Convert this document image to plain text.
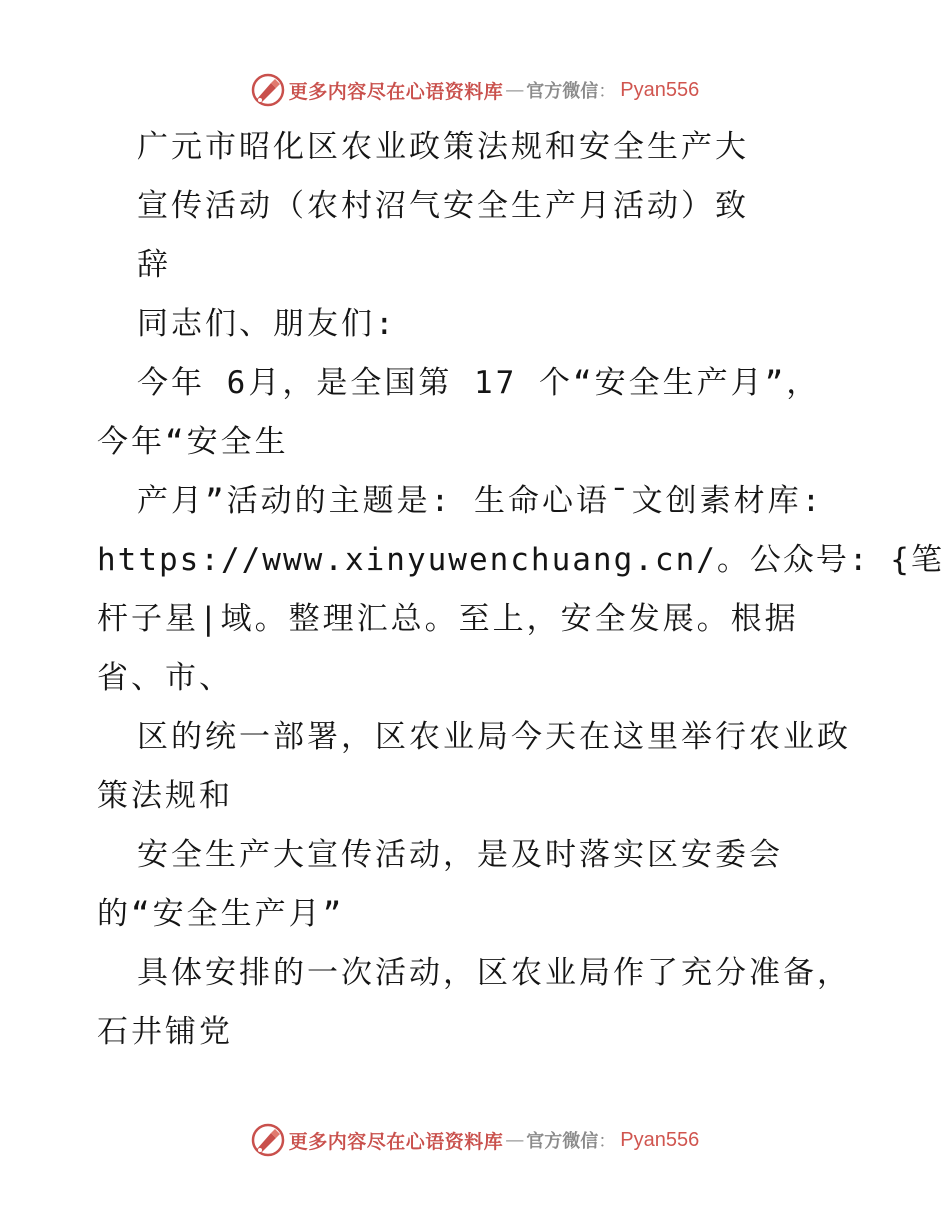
更多内容尽在心语资料库 — 官方微信 ： Pyan556
广元市昭化区农业政策法规和安全生产大
宣传活动（农村沼气安全生产月活动）致
辞
同志们、朋友们:
今年 6月，是全国第 17 个“安全生产月”，
今年“安全生
产月”活动的主题是: 生命心语¯文创素材库:
https://www.xinyuwenchuang.cn/。公众号: {笔
杆子星|域。整理汇总。至上，安全发展。根据
省、市、
区的统一部署，区农业局今天在这里举行农业政
策法规和
安全生产大宣传活动，是及时落实区安委会
的“安全生产月”
具体安排的一次活动，区农业局作了充分准备，
石井铺党
更多内容尽在心语资料库 — 官方微信 ： Pyan556
